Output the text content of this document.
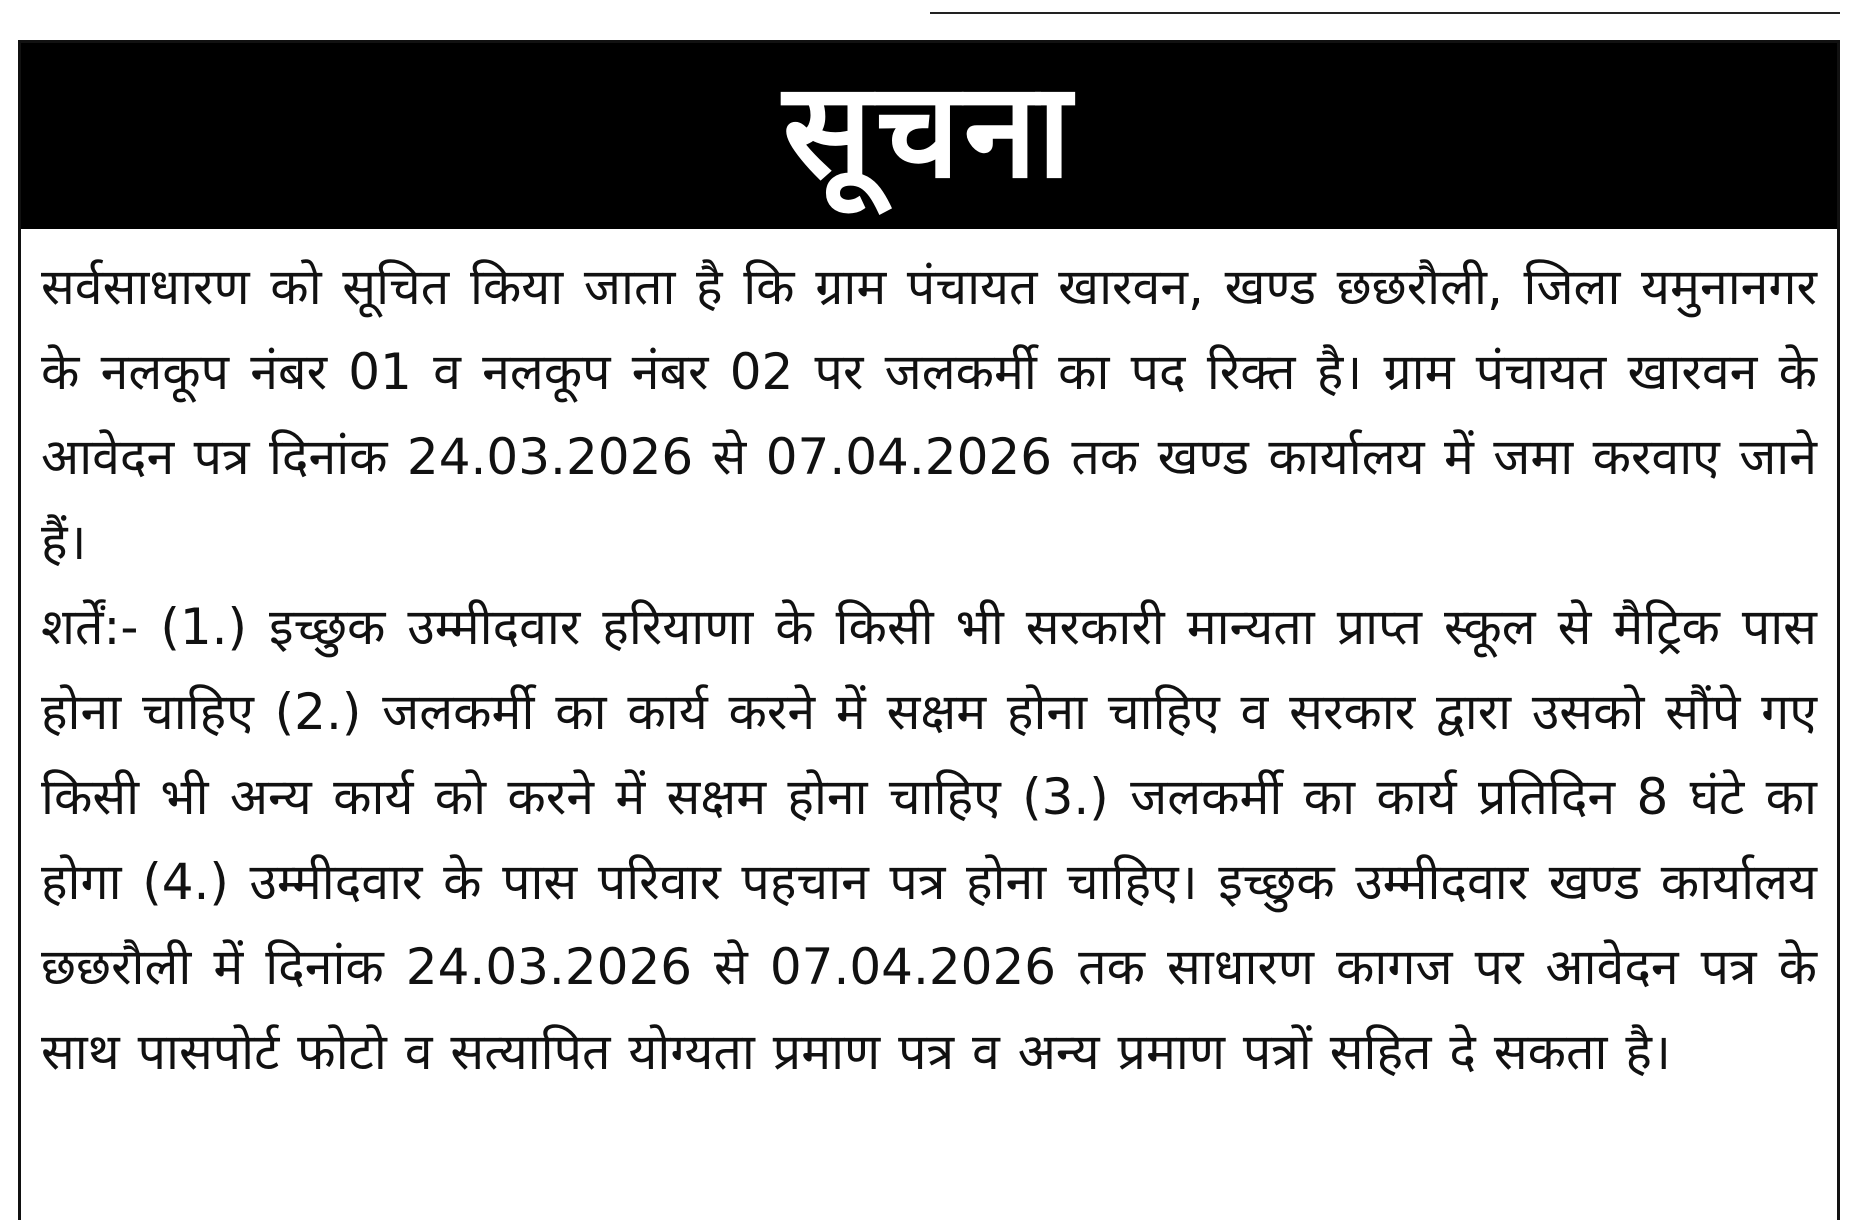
सूचना

सर्वसाधारण को सूचित किया जाता है कि ग्राम पंचायत खारवन, खण्ड छछरौली, जिला यमुनानगर के नलकूप नंबर 01 व नलकूप नंबर 02 पर जलकर्मी का पद रिक्त है। ग्राम पंचायत खारवन के आवेदन पत्र दिनांक 24.03.2026 से 07.04.2026 तक खण्ड कार्यालय में जमा करवाए जाने हैं।

शर्तें:- (1.) इच्छुक उम्मीदवार हरियाणा के किसी भी सरकारी मान्यता प्राप्त स्कूल से मैट्रिक पास होना चाहिए (2.) जलकर्मी का कार्य करने में सक्षम होना चाहिए व सरकार द्वारा उसको सौंपे गए किसी भी अन्य कार्य को करने में सक्षम होना चाहिए (3.) जलकर्मी का कार्य प्रतिदिन 8 घंटे का होगा (4.) उम्मीदवार के पास परिवार पहचान पत्र होना चाहिए। इच्छुक उम्मीदवार खण्ड कार्यालय छछरौली में दिनांक 24.03.2026 से 07.04.2026 तक साधारण कागज पर आवेदन पत्र के साथ पासपोर्ट फोटो व सत्यापित योग्यता प्रमाण पत्र व अन्य प्रमाण पत्रों सहित दे सकता है।
